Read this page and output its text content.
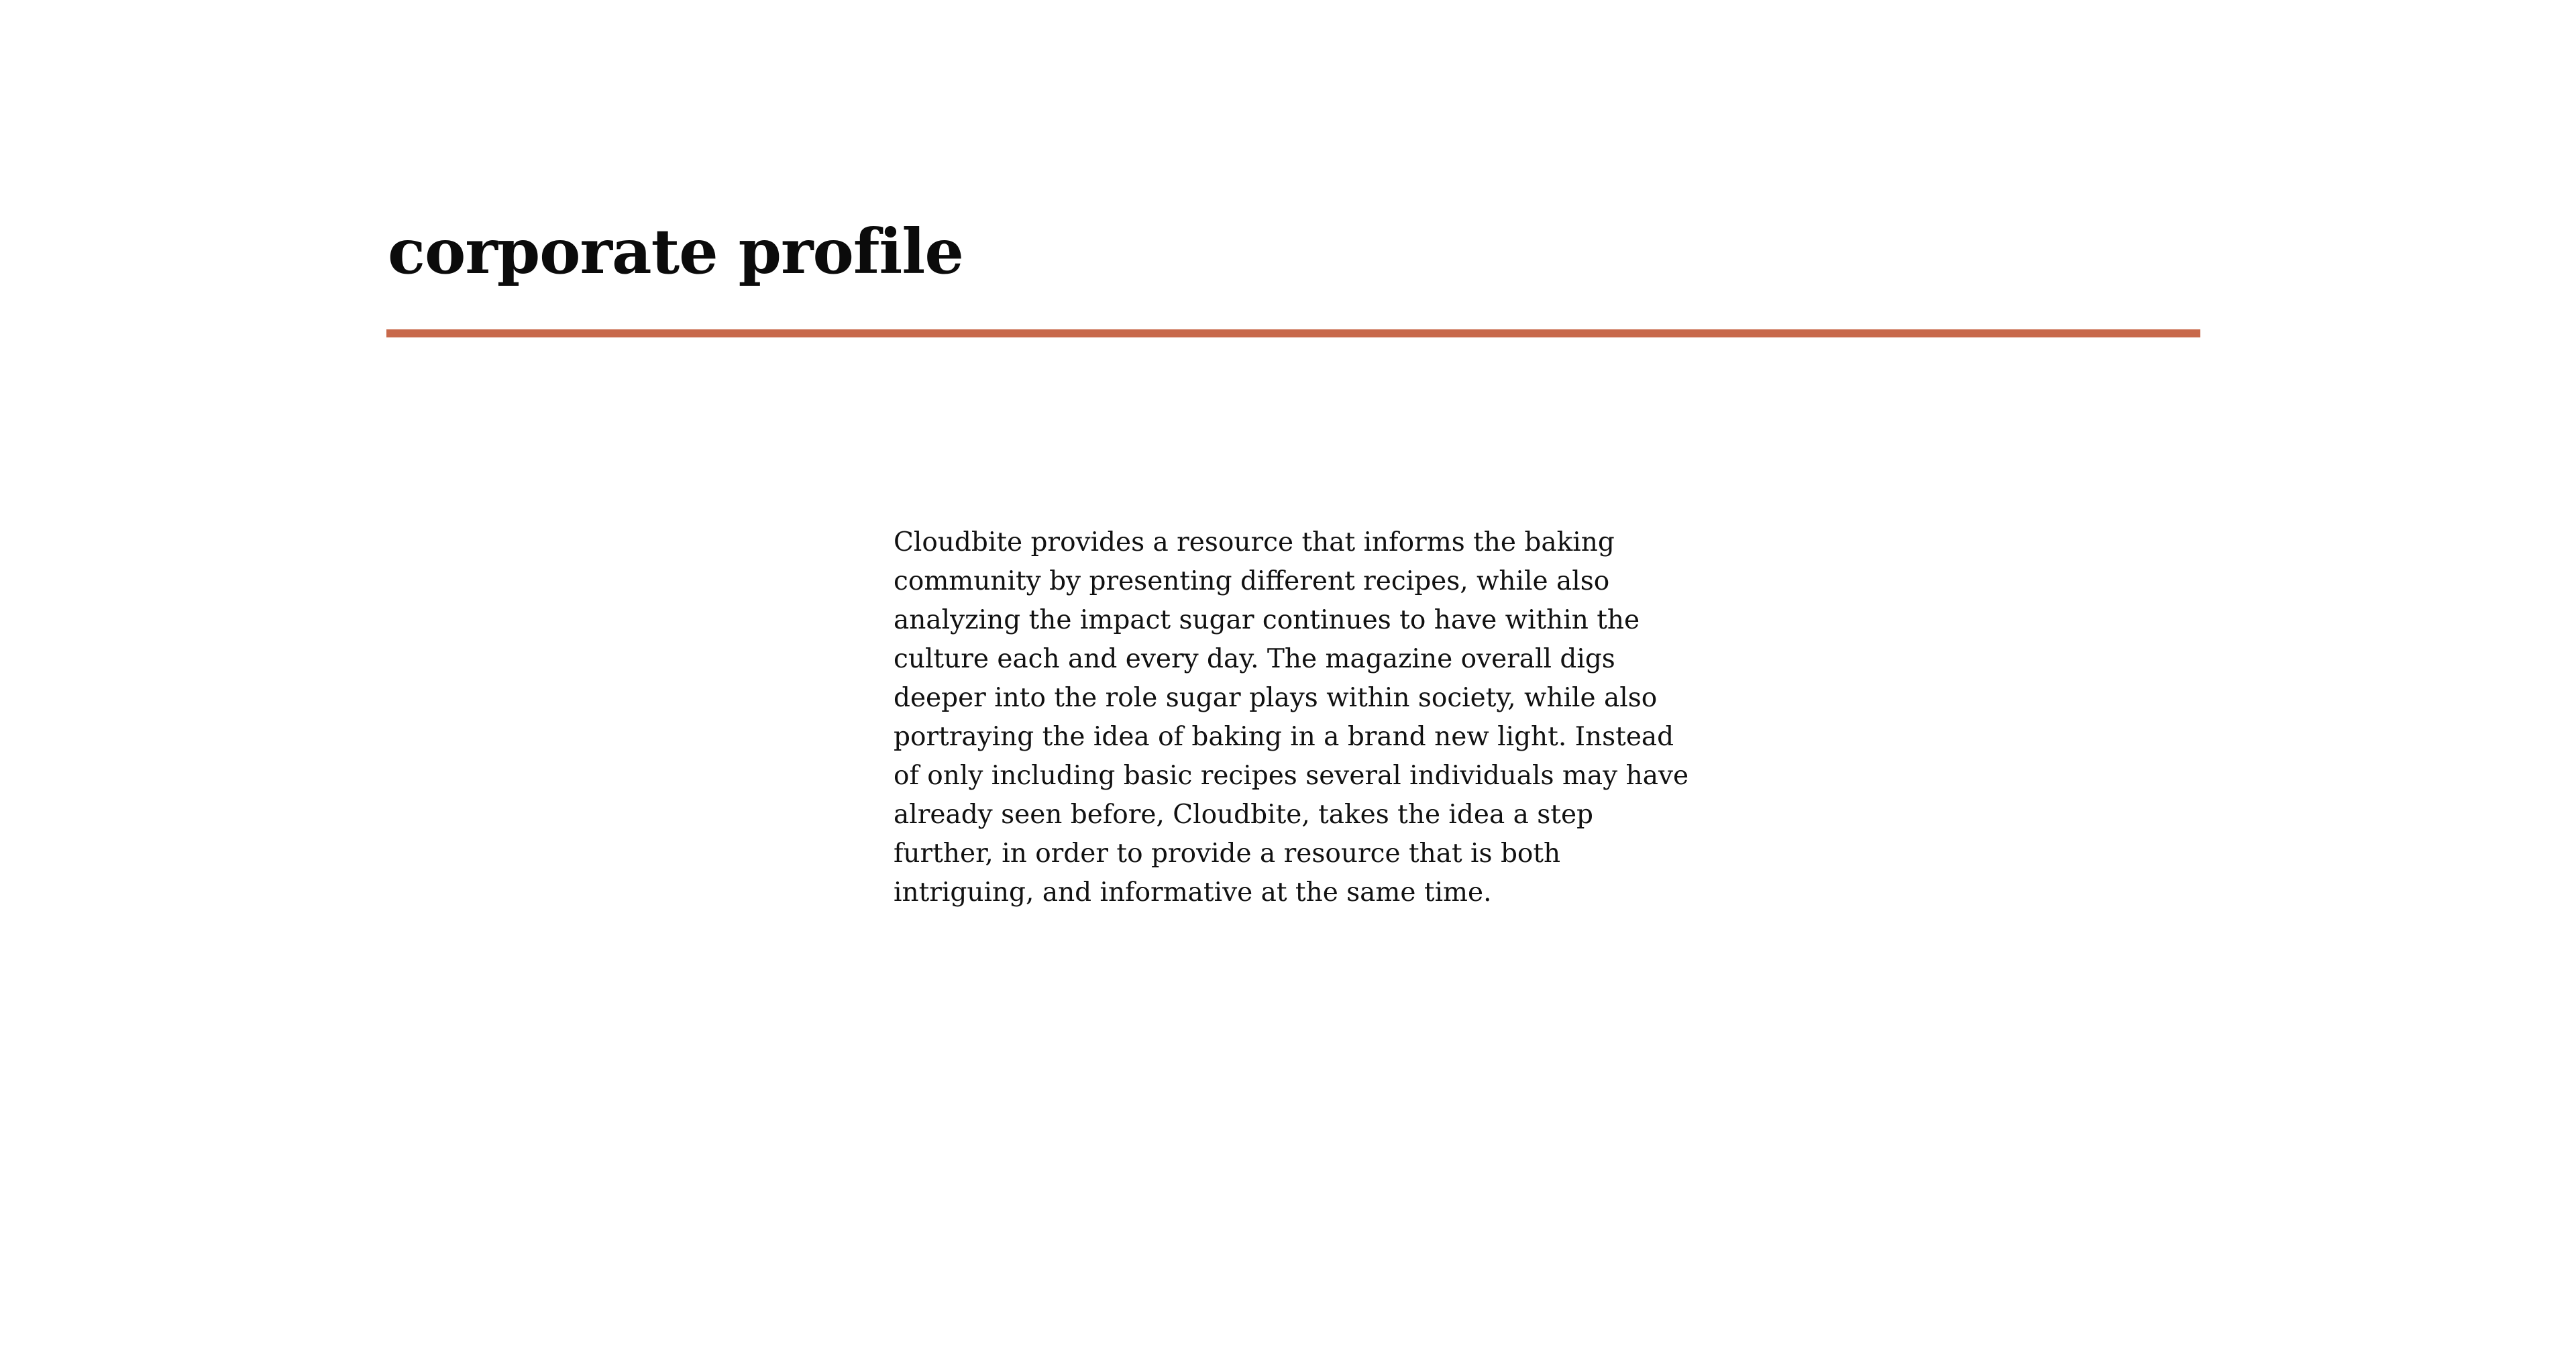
corporate profile

Cloudbite provides a resource that informs the baking community by presenting different recipes, while also analyzing the impact sugar continues to have within the culture each and every day. The magazine overall digs deeper into the role sugar plays within society, while also portraying the idea of baking in a brand new light. Instead of only including basic recipes several individuals may have already seen before, Cloudbite, takes the idea a step further, in order to provide a resource that is both intriguing, and informative at the same time.
